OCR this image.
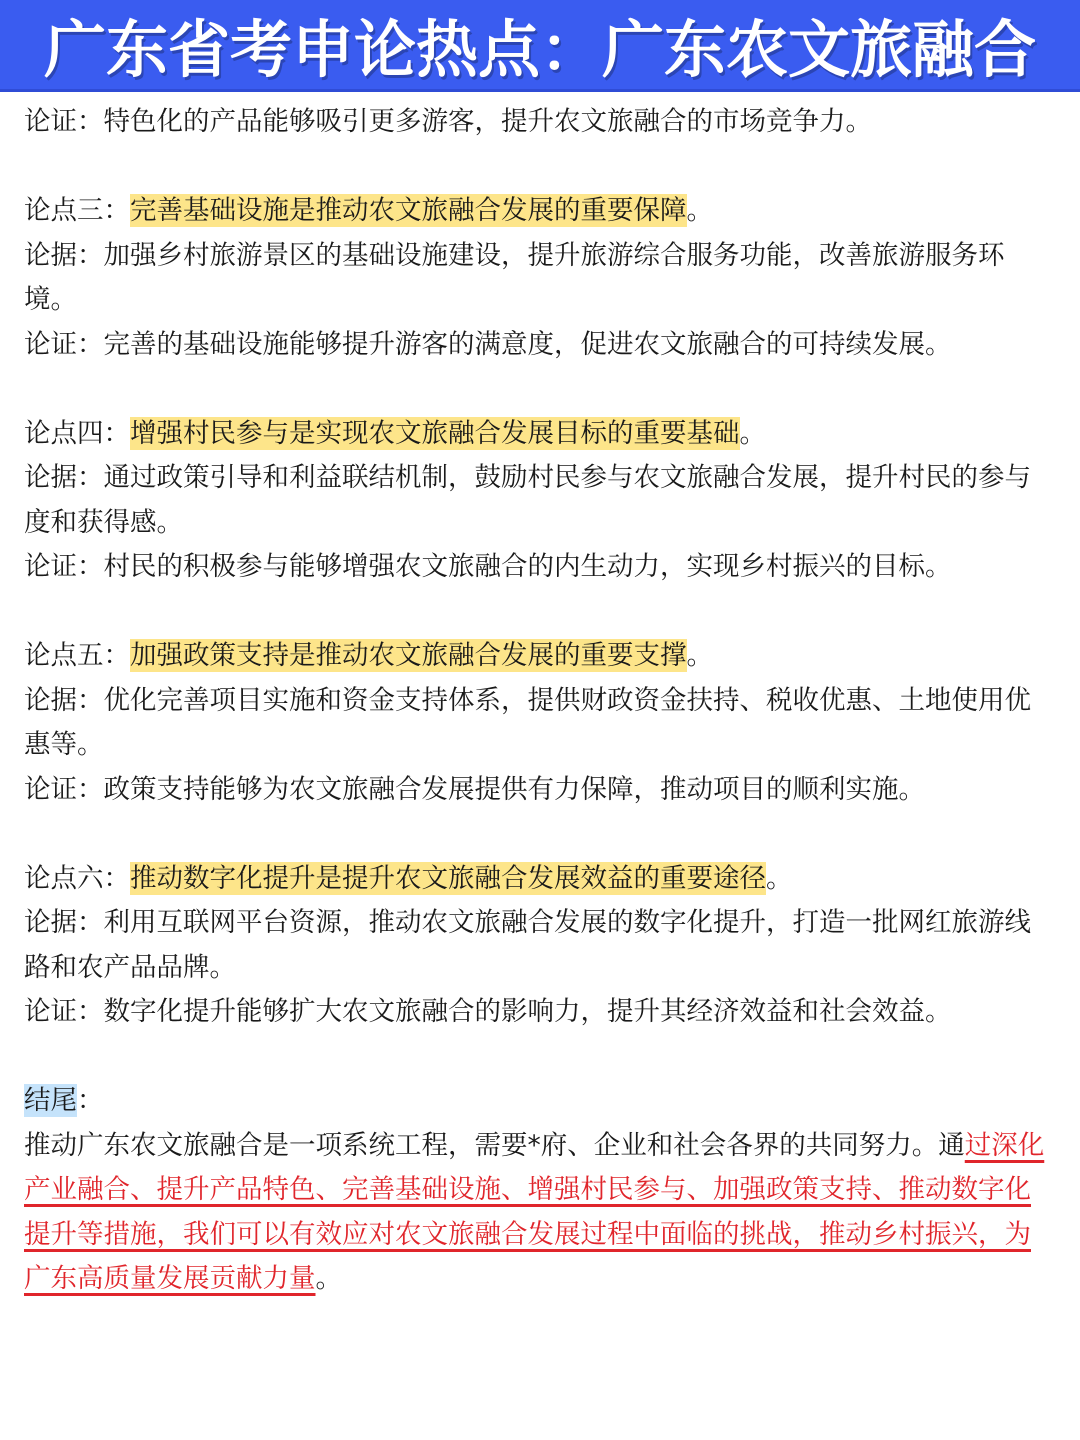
广东省考申论热点：广东农文旅融合

论证：特色化的产品能够吸引更多游客，提升农文旅融合的市场竞争力。

论点三：完善基础设施是推动农文旅融合发展的重要保障。

论据：加强乡村旅游景区的基础设施建设，提升旅游综合服务功能，改善旅游服务环境。

论证：完善的基础设施能够提升游客的满意度，促进农文旅融合的可持续发展。

论点四：增强村民参与是实现农文旅融合发展目标的重要基础。

论据：通过政策引导和利益联结机制，鼓励村民参与农文旅融合发展，提升村民的参与度和获得感。

论证：村民的积极参与能够增强农文旅融合的内生动力，实现乡村振兴的目标。

论点五：加强政策支持是推动农文旅融合发展的重要支撑。

论据：优化完善项目实施和资金支持体系，提供财政资金扶持、税收优惠、土地使用优惠等。

论证：政策支持能够为农文旅融合发展提供有力保障，推动项目的顺利实施。

论点六：推动数字化提升是提升农文旅融合发展效益的重要途径。

论据：利用互联网平台资源，推动农文旅融合发展的数字化提升，打造一批网红旅游线路和农产品品牌。

论证：数字化提升能够扩大农文旅融合的影响力，提升其经济效益和社会效益。

结尾：

推动广东农文旅融合是一项系统工程，需要*府、企业和社会各界的共同努力。通过深化产业融合、提升产品特色、完善基础设施、增强村民参与、加强政策支持、推动数字化提升等措施，我们可以有效应对农文旅融合发展过程中面临的挑战，推动乡村振兴，为广东高质量发展贡献力量。
